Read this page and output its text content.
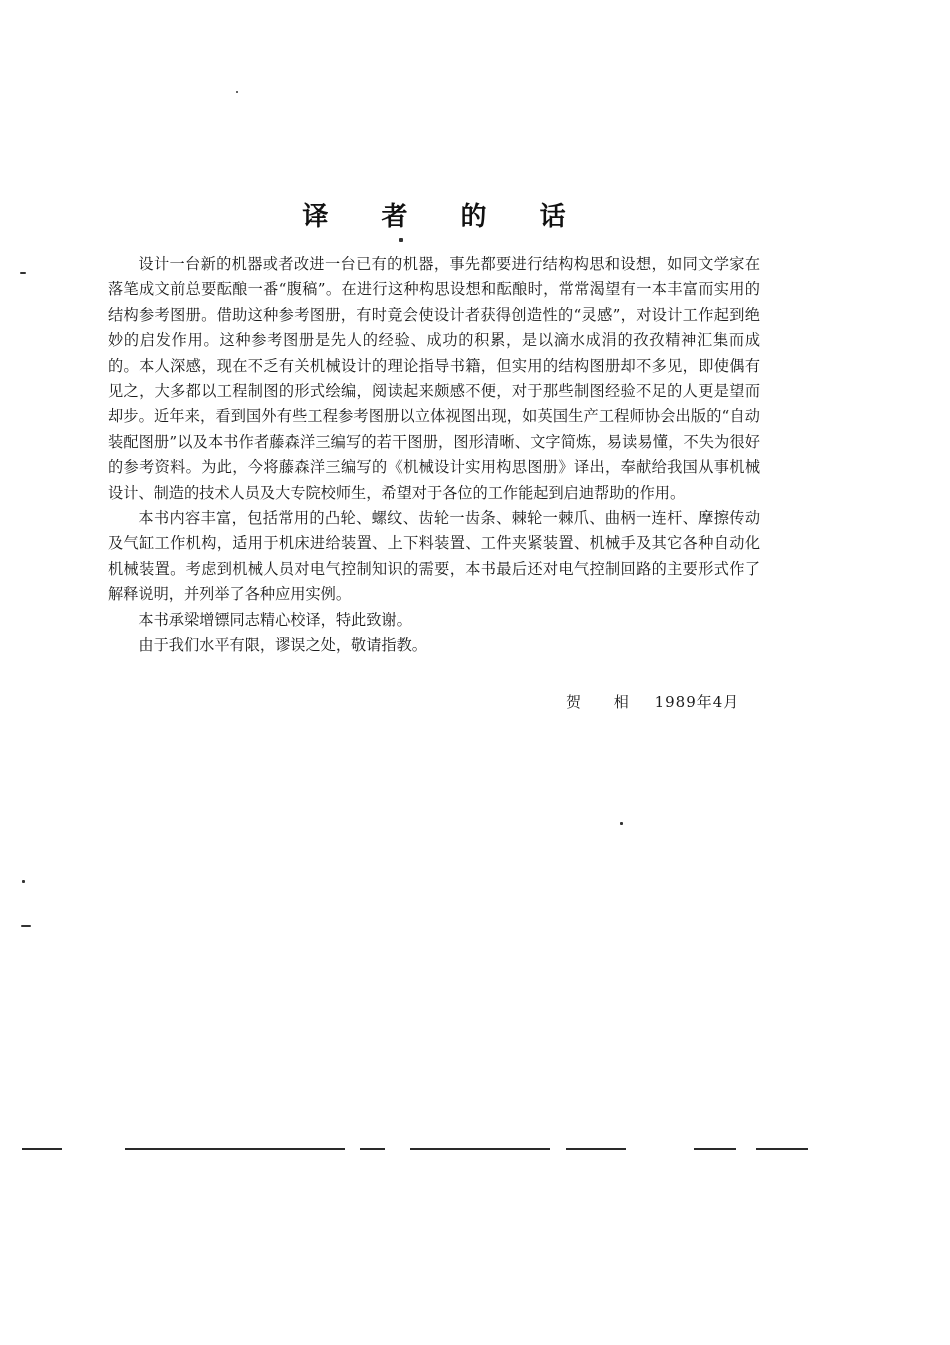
译 者 的 话

设计一台新的机器或者改进一台已有的机器，事先都要进行结构构思和设想，如同文学家在落笔成文前总要酝酿一番“腹稿”。在进行这种构思设想和酝酿时，常常渴望有一本丰富而实用的结构参考图册。借助这种参考图册，有时竟会使设计者获得创造性的“灵感”，对设计工作起到绝妙的启发作用。这种参考图册是先人的经验、成功的积累，是以滴水成涓的孜孜精神汇集而成的。本人深感，现在不乏有关机械设计的理论指导书籍，但实用的结构图册却不多见，即使偶有见之，大多都以工程制图的形式绘编，阅读起来颇感不便，对于那些制图经验不足的人更是望而却步。近年来，看到国外有些工程参考图册以立体视图出现，如英国生产工程师协会出版的“自动装配图册”以及本书作者藤森洋三编写的若干图册，图形清晰、文字简炼，易读易懂，不失为很好的参考资料。为此，今将藤森洋三编写的《机械设计实用构思图册》译出，奉献给我国从事机械设计、制造的技术人员及大专院校师生，希望对于各位的工作能起到启迪帮助的作用。

本书内容丰富，包括常用的凸轮、螺纹、齿轮一齿条、棘轮一棘爪、曲柄一连杆、摩擦传动及气缸工作机构，适用于机床进给装置、上下料装置、工件夹紧装置、机械手及其它各种自动化机械装置。考虑到机械人员对电气控制知识的需要，本书最后还对电气控制回路的主要形式作了解释说明，并列举了各种应用实例。

本书承梁增镖同志精心校译，特此致谢。

由于我们水平有限，谬误之处，敬请指教。

贺 相 1989年4月
